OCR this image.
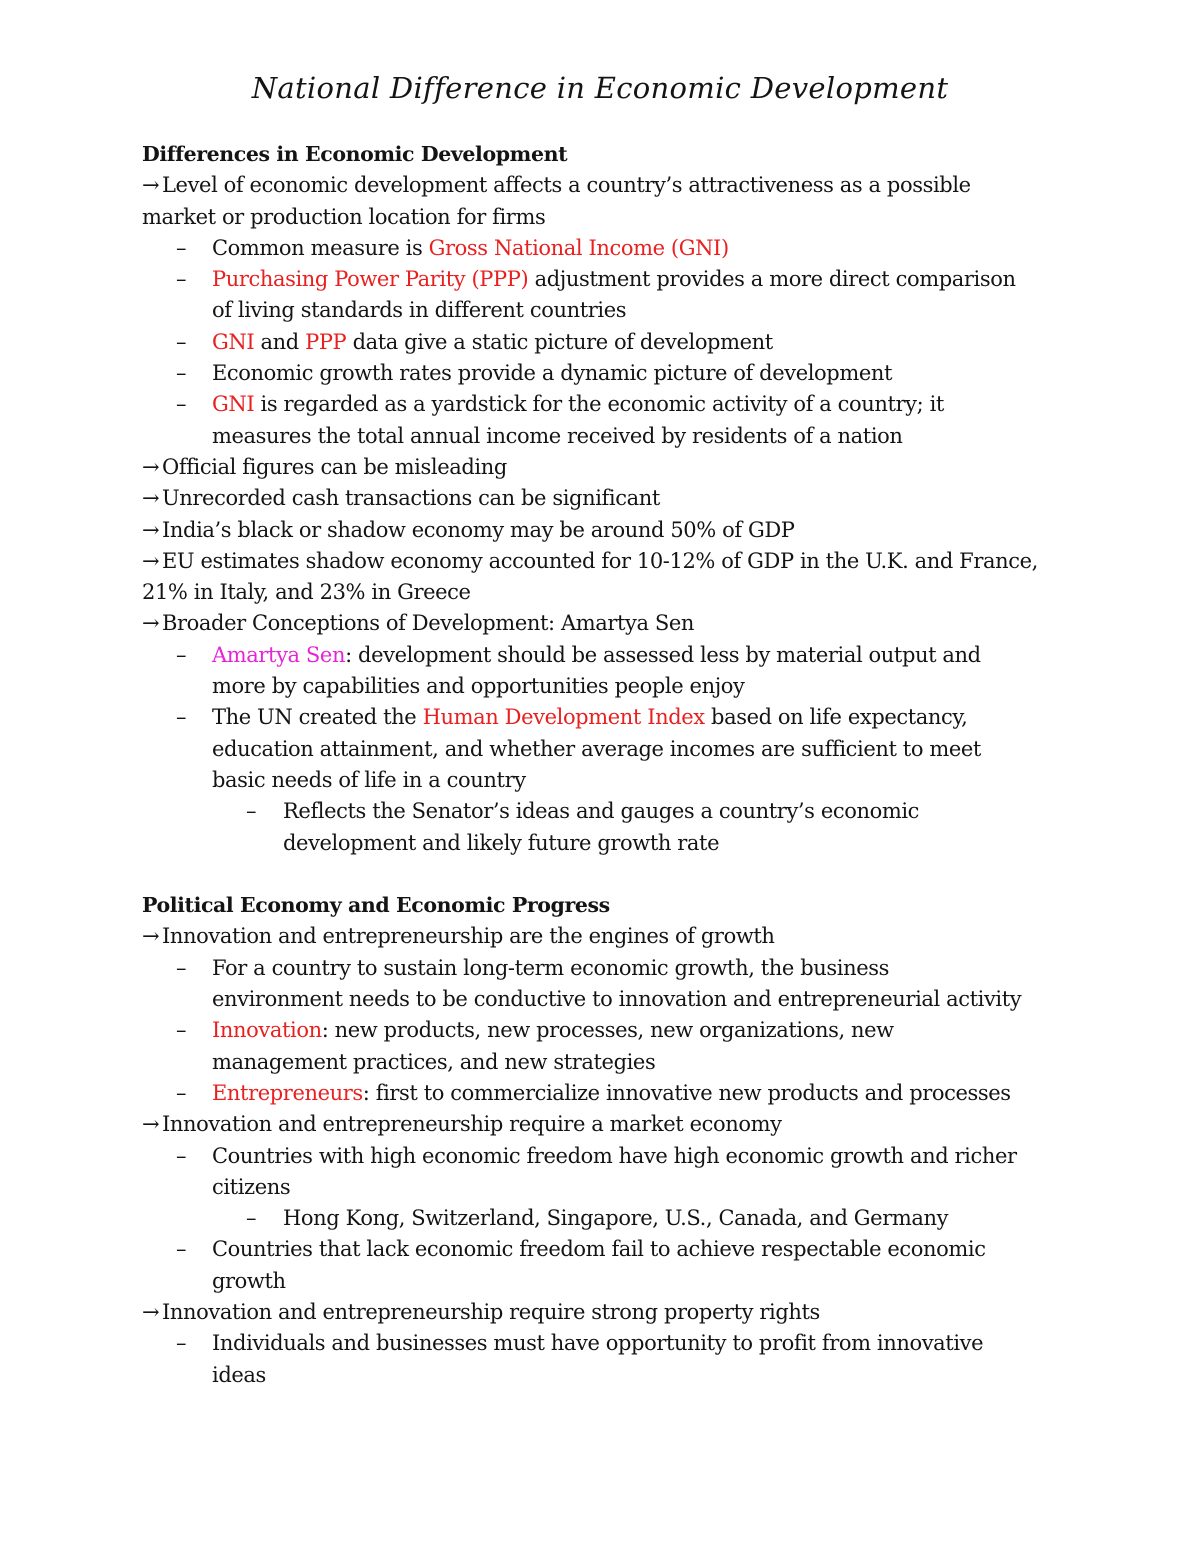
National Difference in Economic Development
Differences in Economic Development
→ Level of economic development affects a country’s attractiveness as a possible
market or production location for firms
–	Common measure is Gross National Income (GNI)
–	Purchasing Power Parity (PPP) adjustment provides a more direct comparison
of living standards in different countries
–	GNI and PPP data give a static picture of development
–	Economic growth rates provide a dynamic picture of development
–	GNI is regarded as a yardstick for the economic activity of a country; it
measures the total annual income received by residents of a nation
→ Official figures can be misleading
→ Unrecorded cash transactions can be significant
→ India’s black or shadow economy may be around 50% of GDP
→ EU estimates shadow economy accounted for 10-12% of GDP in the U.K. and France,
21% in Italy, and 23% in Greece
→ Broader Conceptions of Development: Amartya Sen
–	Amartya Sen: development should be assessed less by material output and
more by capabilities and opportunities people enjoy
–	The UN created the Human Development Index based on life expectancy,
education attainment, and whether average incomes are sufficient to meet
basic needs of life in a country
–	Reflects the Senator’s ideas and gauges a country’s economic
development and likely future growth rate
Political Economy and Economic Progress
→ Innovation and entrepreneurship are the engines of growth
–	For a country to sustain long-term economic growth, the business
environment needs to be conductive to innovation and entrepreneurial activity
–	Innovation: new products, new processes, new organizations, new
management practices, and new strategies
–	Entrepreneurs: first to commercialize innovative new products and processes
→ Innovation and entrepreneurship require a market economy
–	Countries with high economic freedom have high economic growth and richer
citizens
–	Hong Kong, Switzerland, Singapore, U.S., Canada, and Germany
–	Countries that lack economic freedom fail to achieve respectable economic
growth
→ Innovation and entrepreneurship require strong property rights
–	Individuals and businesses must have opportunity to profit from innovative
ideas
